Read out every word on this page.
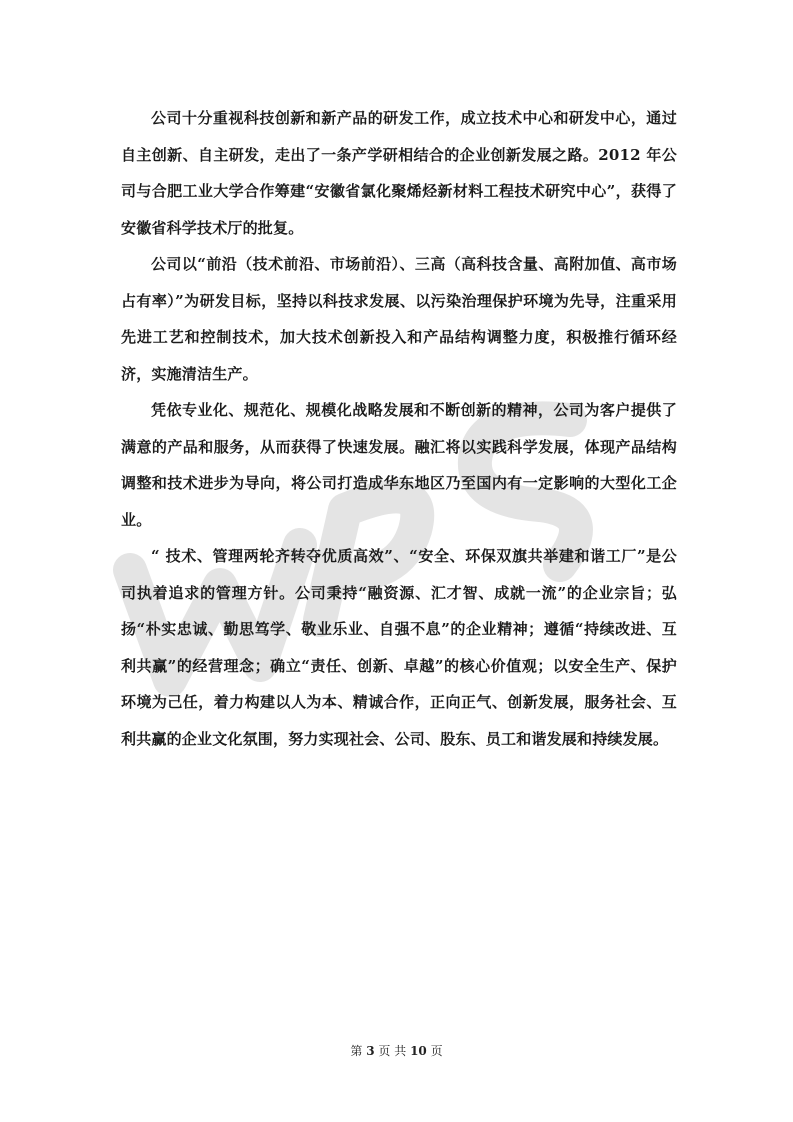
公司十分重视科技创新和新产品的研发工作，成立技术中心和研发中心，通过自主创新、自主研发，走出了一条产学研相结合的企业创新发展之路。2012 年公司与合肥工业大学合作筹建“安徽省氯化聚烯烃新材料工程技术研究中心”，获得了安徽省科学技术厅的批复。

公司以“前沿（技术前沿、市场前沿）、三高（高科技含量、高附加值、高市场占有率）”为研发目标，坚持以科技求发展、以污染治理保护环境为先导，注重采用先进工艺和控制技术，加大技术创新投入和产品结构调整力度，积极推行循环经济，实施清洁生产。

凭依专业化、规范化、规模化战略发展和不断创新的精神，公司为客户提供了满意的产品和服务，从而获得了快速发展。融汇将以实践科学发展，体现产品结构调整和技术进步为导向，将公司打造成华东地区乃至国内有一定影响的大型化工企业。

“ 技术、管理两轮齐转夺优质高效”、“安全、环保双旗共举建和谐工厂”是公司执着追求的管理方针。公司秉持“融资源、汇才智、成就一流”的企业宗旨；弘扬“朴实忠诚、勤思笃学、敬业乐业、自强不息”的企业精神；遵循“持续改进、互利共赢”的经营理念；确立“责任、创新、卓越”的核心价值观；以安全生产、保护环境为己任，着力构建以人为本、精诚合作，正向正气、创新发展，服务社会、互利共赢的企业文化氛围，努力实现社会、公司、股东、员工和谐发展和持续发展。

第 3 页 共 10 页
